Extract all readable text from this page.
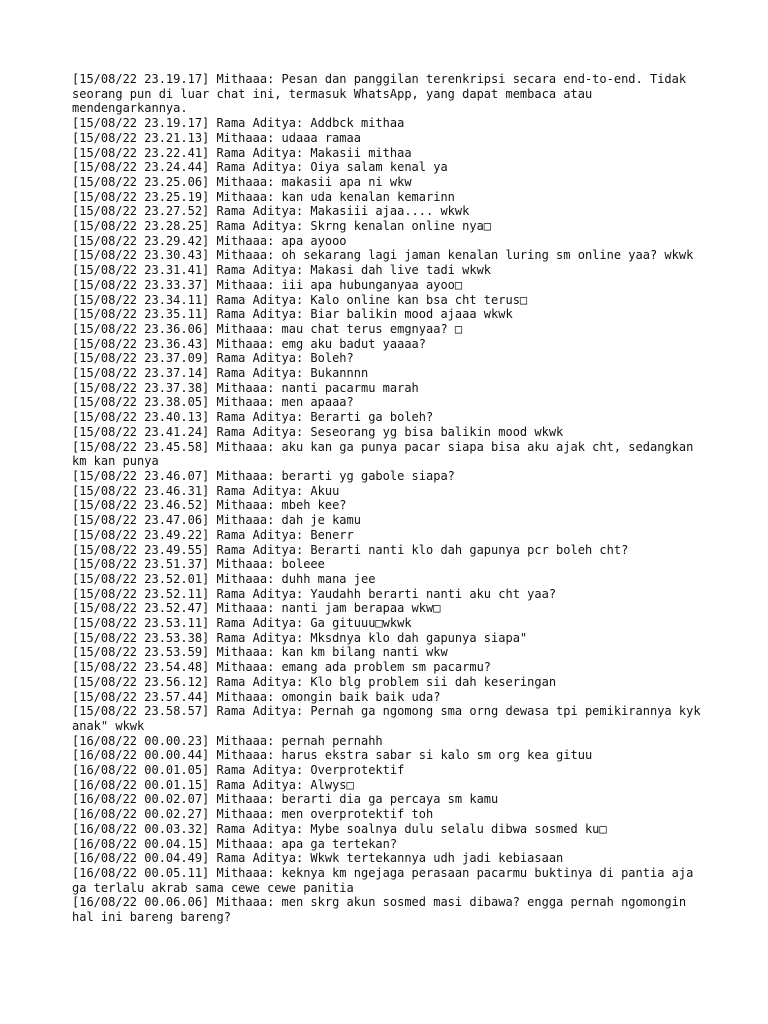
[15/08/22 23.19.17] Mithaaa: Pesan dan panggilan terenkripsi secara end-to-end. Tidak seorang pun di luar chat ini, termasuk WhatsApp, yang dapat membaca atau mendengarkannya.

[15/08/22 23.19.17] Rama Aditya: Addbck mithaa

[15/08/22 23.21.13] Mithaaa: udaaa ramaa

[15/08/22 23.22.41] Rama Aditya: Makasii mithaa

[15/08/22 23.24.44] Rama Aditya: Oiya salam kenal ya

[15/08/22 23.25.06] Mithaaa: makasii apa ni wkw

[15/08/22 23.25.19] Mithaaa: kan uda kenalan kemarinn

[15/08/22 23.27.52] Rama Aditya: Makasiii ajaa.... wkwk

[15/08/22 23.28.25] Rama Aditya: Skrng kenalan online nya□

[15/08/22 23.29.42] Mithaaa: apa ayooo

[15/08/22 23.30.43] Mithaaa: oh sekarang lagi jaman kenalan luring sm online yaa? wkwk

[15/08/22 23.31.41] Rama Aditya: Makasi dah live tadi wkwk

[15/08/22 23.33.37] Mithaaa: iii apa hubunganyaa ayoo□

[15/08/22 23.34.11] Rama Aditya: Kalo online kan bsa cht terus□

[15/08/22 23.35.11] Rama Aditya: Biar balikin mood ajaaa wkwk

[15/08/22 23.36.06] Mithaaa: mau chat terus emgnyaa? □

[15/08/22 23.36.43] Mithaaa: emg aku badut yaaaa?

[15/08/22 23.37.09] Rama Aditya: Boleh?

[15/08/22 23.37.14] Rama Aditya: Bukannnn

[15/08/22 23.37.38] Mithaaa: nanti pacarmu marah

[15/08/22 23.38.05] Mithaaa: men apaaa?

[15/08/22 23.40.13] Rama Aditya: Berarti ga boleh?

[15/08/22 23.41.24] Rama Aditya: Seseorang yg bisa balikin mood wkwk

[15/08/22 23.45.58] Mithaaa: aku kan ga punya pacar siapa bisa aku ajak cht, sedangkan km kan punya

[15/08/22 23.46.07] Mithaaa: berarti yg gabole siapa?

[15/08/22 23.46.31] Rama Aditya: Akuu

[15/08/22 23.46.52] Mithaaa: mbeh kee?

[15/08/22 23.47.06] Mithaaa: dah je kamu

[15/08/22 23.49.22] Rama Aditya: Benerr

[15/08/22 23.49.55] Rama Aditya: Berarti nanti klo dah gapunya pcr boleh cht?

[15/08/22 23.51.37] Mithaaa: boleee

[15/08/22 23.52.01] Mithaaa: duhh mana jee

[15/08/22 23.52.11] Rama Aditya: Yaudahh berarti nanti aku cht yaa?

[15/08/22 23.52.47] Mithaaa: nanti jam berapaa wkw□

[15/08/22 23.53.11] Rama Aditya: Ga gituuu□wkwk

[15/08/22 23.53.38] Rama Aditya: Mksdnya klo dah gapunya siapa"

[15/08/22 23.53.59] Mithaaa: kan km bilang nanti wkw

[15/08/22 23.54.48] Mithaaa: emang ada problem sm pacarmu?

[15/08/22 23.56.12] Rama Aditya: Klo blg problem sii dah keseringan

[15/08/22 23.57.44] Mithaaa: omongin baik baik uda?

[15/08/22 23.58.57] Rama Aditya: Pernah ga ngomong sma orng dewasa tpi pemikirannya kyk anak" wkwk

[16/08/22 00.00.23] Mithaaa: pernah pernahh

[16/08/22 00.00.44] Mithaaa: harus ekstra sabar si kalo sm org kea gituu

[16/08/22 00.01.05] Rama Aditya: Overprotektif

[16/08/22 00.01.15] Rama Aditya: Alwys□

[16/08/22 00.02.07] Mithaaa: berarti dia ga percaya sm kamu

[16/08/22 00.02.27] Mithaaa: men overprotektif toh

[16/08/22 00.03.32] Rama Aditya: Mybe soalnya dulu selalu dibwa sosmed ku□

[16/08/22 00.04.15] Mithaaa: apa ga tertekan?

[16/08/22 00.04.49] Rama Aditya: Wkwk tertekannya udh jadi kebiasaan

[16/08/22 00.05.11] Mithaaa: keknya km ngejaga perasaan pacarmu buktinya di pantia aja ga terlalu akrab sama cewe cewe panitia

[16/08/22 00.06.06] Mithaaa: men skrg akun sosmed masi dibawa? engga pernah ngomongin hal ini bareng bareng?
